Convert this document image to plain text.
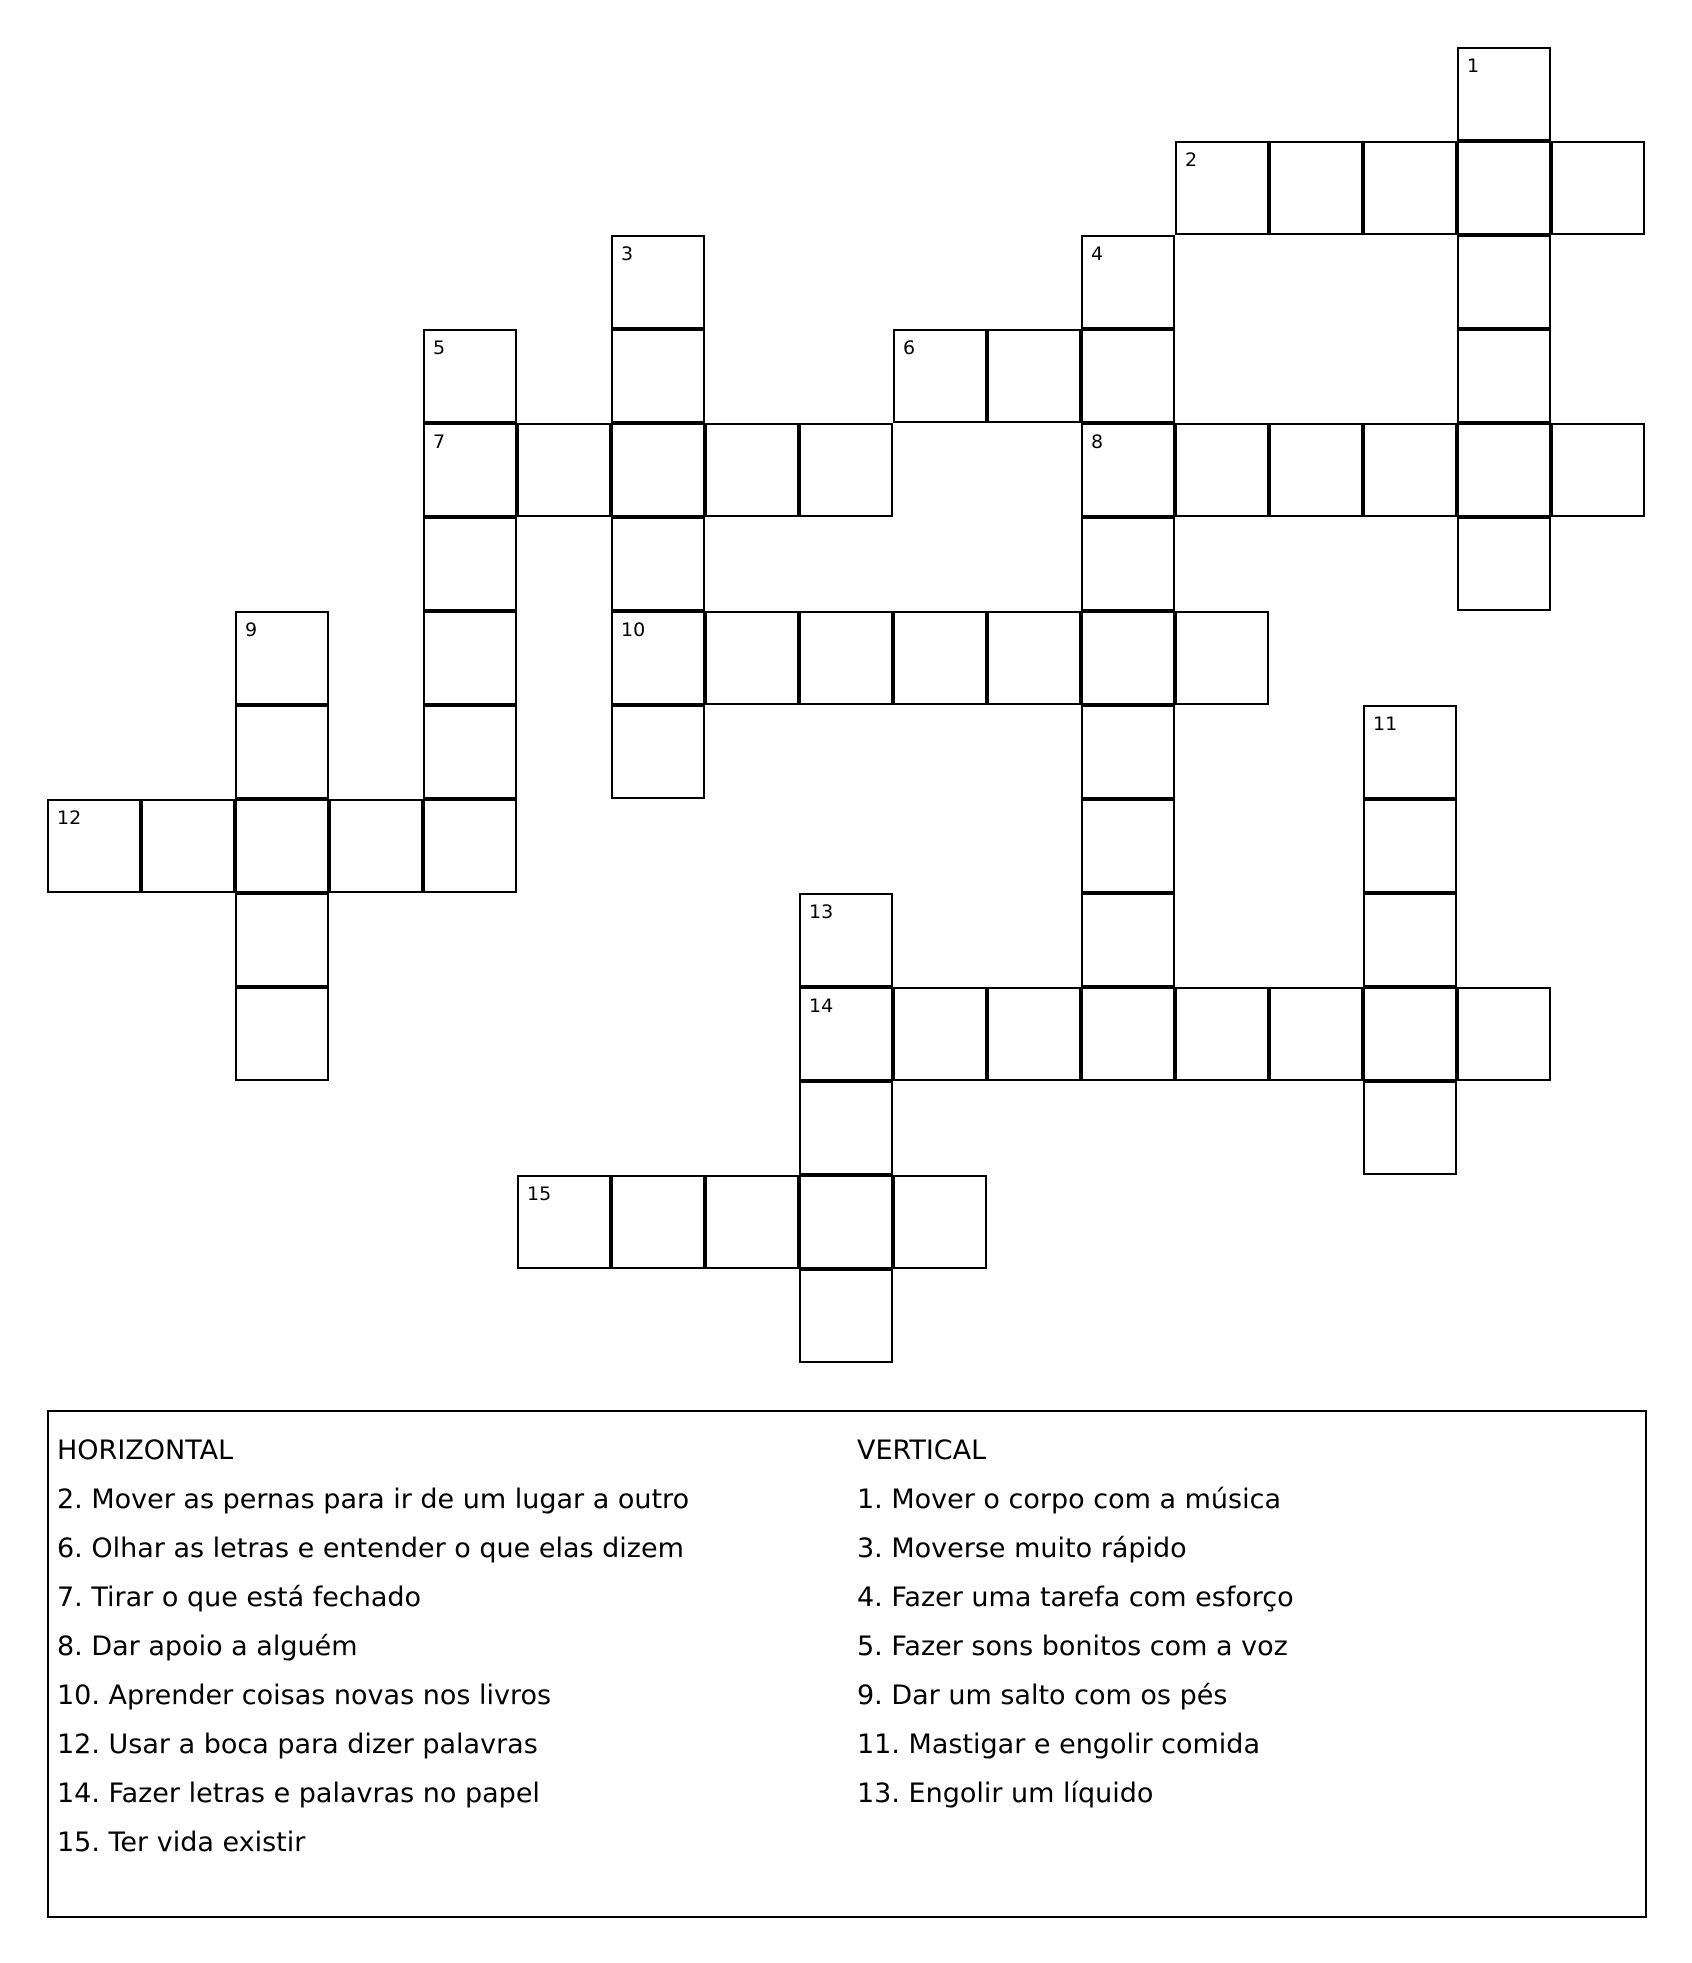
1
2
3	4
5	6
7	8
9	10
11
12
13
14
15
HORIZONTAL
2. Mover as pernas para ir de um lugar a outro
6. Olhar as letras e entender o que elas dizem
7. Tirar o que está fechado
8. Dar apoio a alguém
10. Aprender coisas novas nos livros
12. Usar a boca para dizer palavras
14. Fazer letras e palavras no papel
15. Ter vida existir
VERTICAL
1. Mover o corpo com a música
3. Moverse muito rápido
4. Fazer uma tarefa com esforço
5. Fazer sons bonitos com a voz
9. Dar um salto com os pés
11. Mastigar e engolir comida
13. Engolir um líquido
